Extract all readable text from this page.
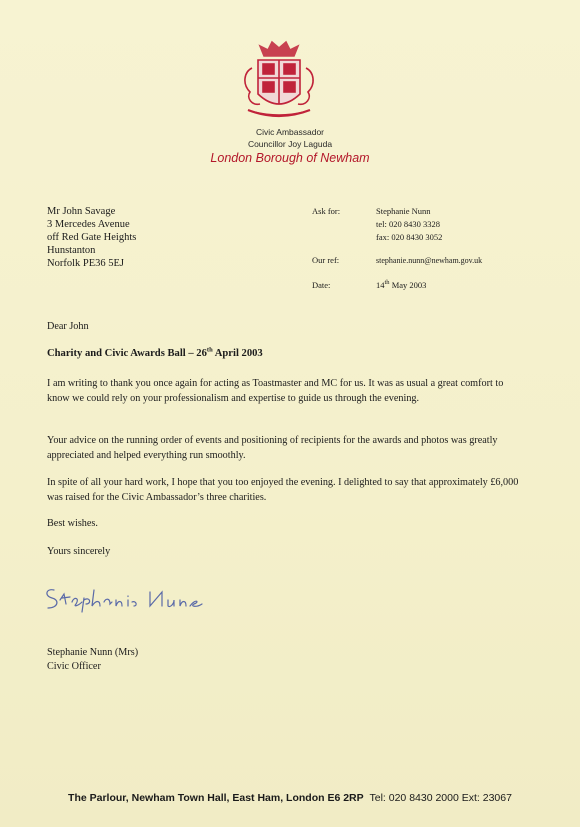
Civic Ambassador
Councillor Joy Laguda
London Borough of Newham
Mr John Savage
3 Mercedes Avenue
off Red Gate Heights
Hunstanton
Norfolk PE36 5EJ
Ask for:	Stephanie Nunn
tel: 020 8430 3328
fax: 020 8430 3052
Our ref:	stephanie.nunn@newham.gov.uk
Date:	14th May 2003
Dear John
Charity and Civic Awards Ball – 26th April 2003
I am writing to thank you once again for acting as Toastmaster and MC for us. It was as usual a great comfort to know we could rely on your professionalism and expertise to guide us through the evening.
Your advice on the running order of events and positioning of recipients for the awards and photos was greatly appreciated and helped everything run smoothly.
In spite of all your hard work, I hope that you too enjoyed the evening. I delighted to say that approximately £6,000 was raised for the Civic Ambassador’s three charities.
Best wishes.
Yours sincerely
Stephanie Nunn (Mrs)
Civic Officer
The Parlour, Newham Town Hall, East Ham, London E6 2RP Tel: 020 8430 2000 Ext: 23067
